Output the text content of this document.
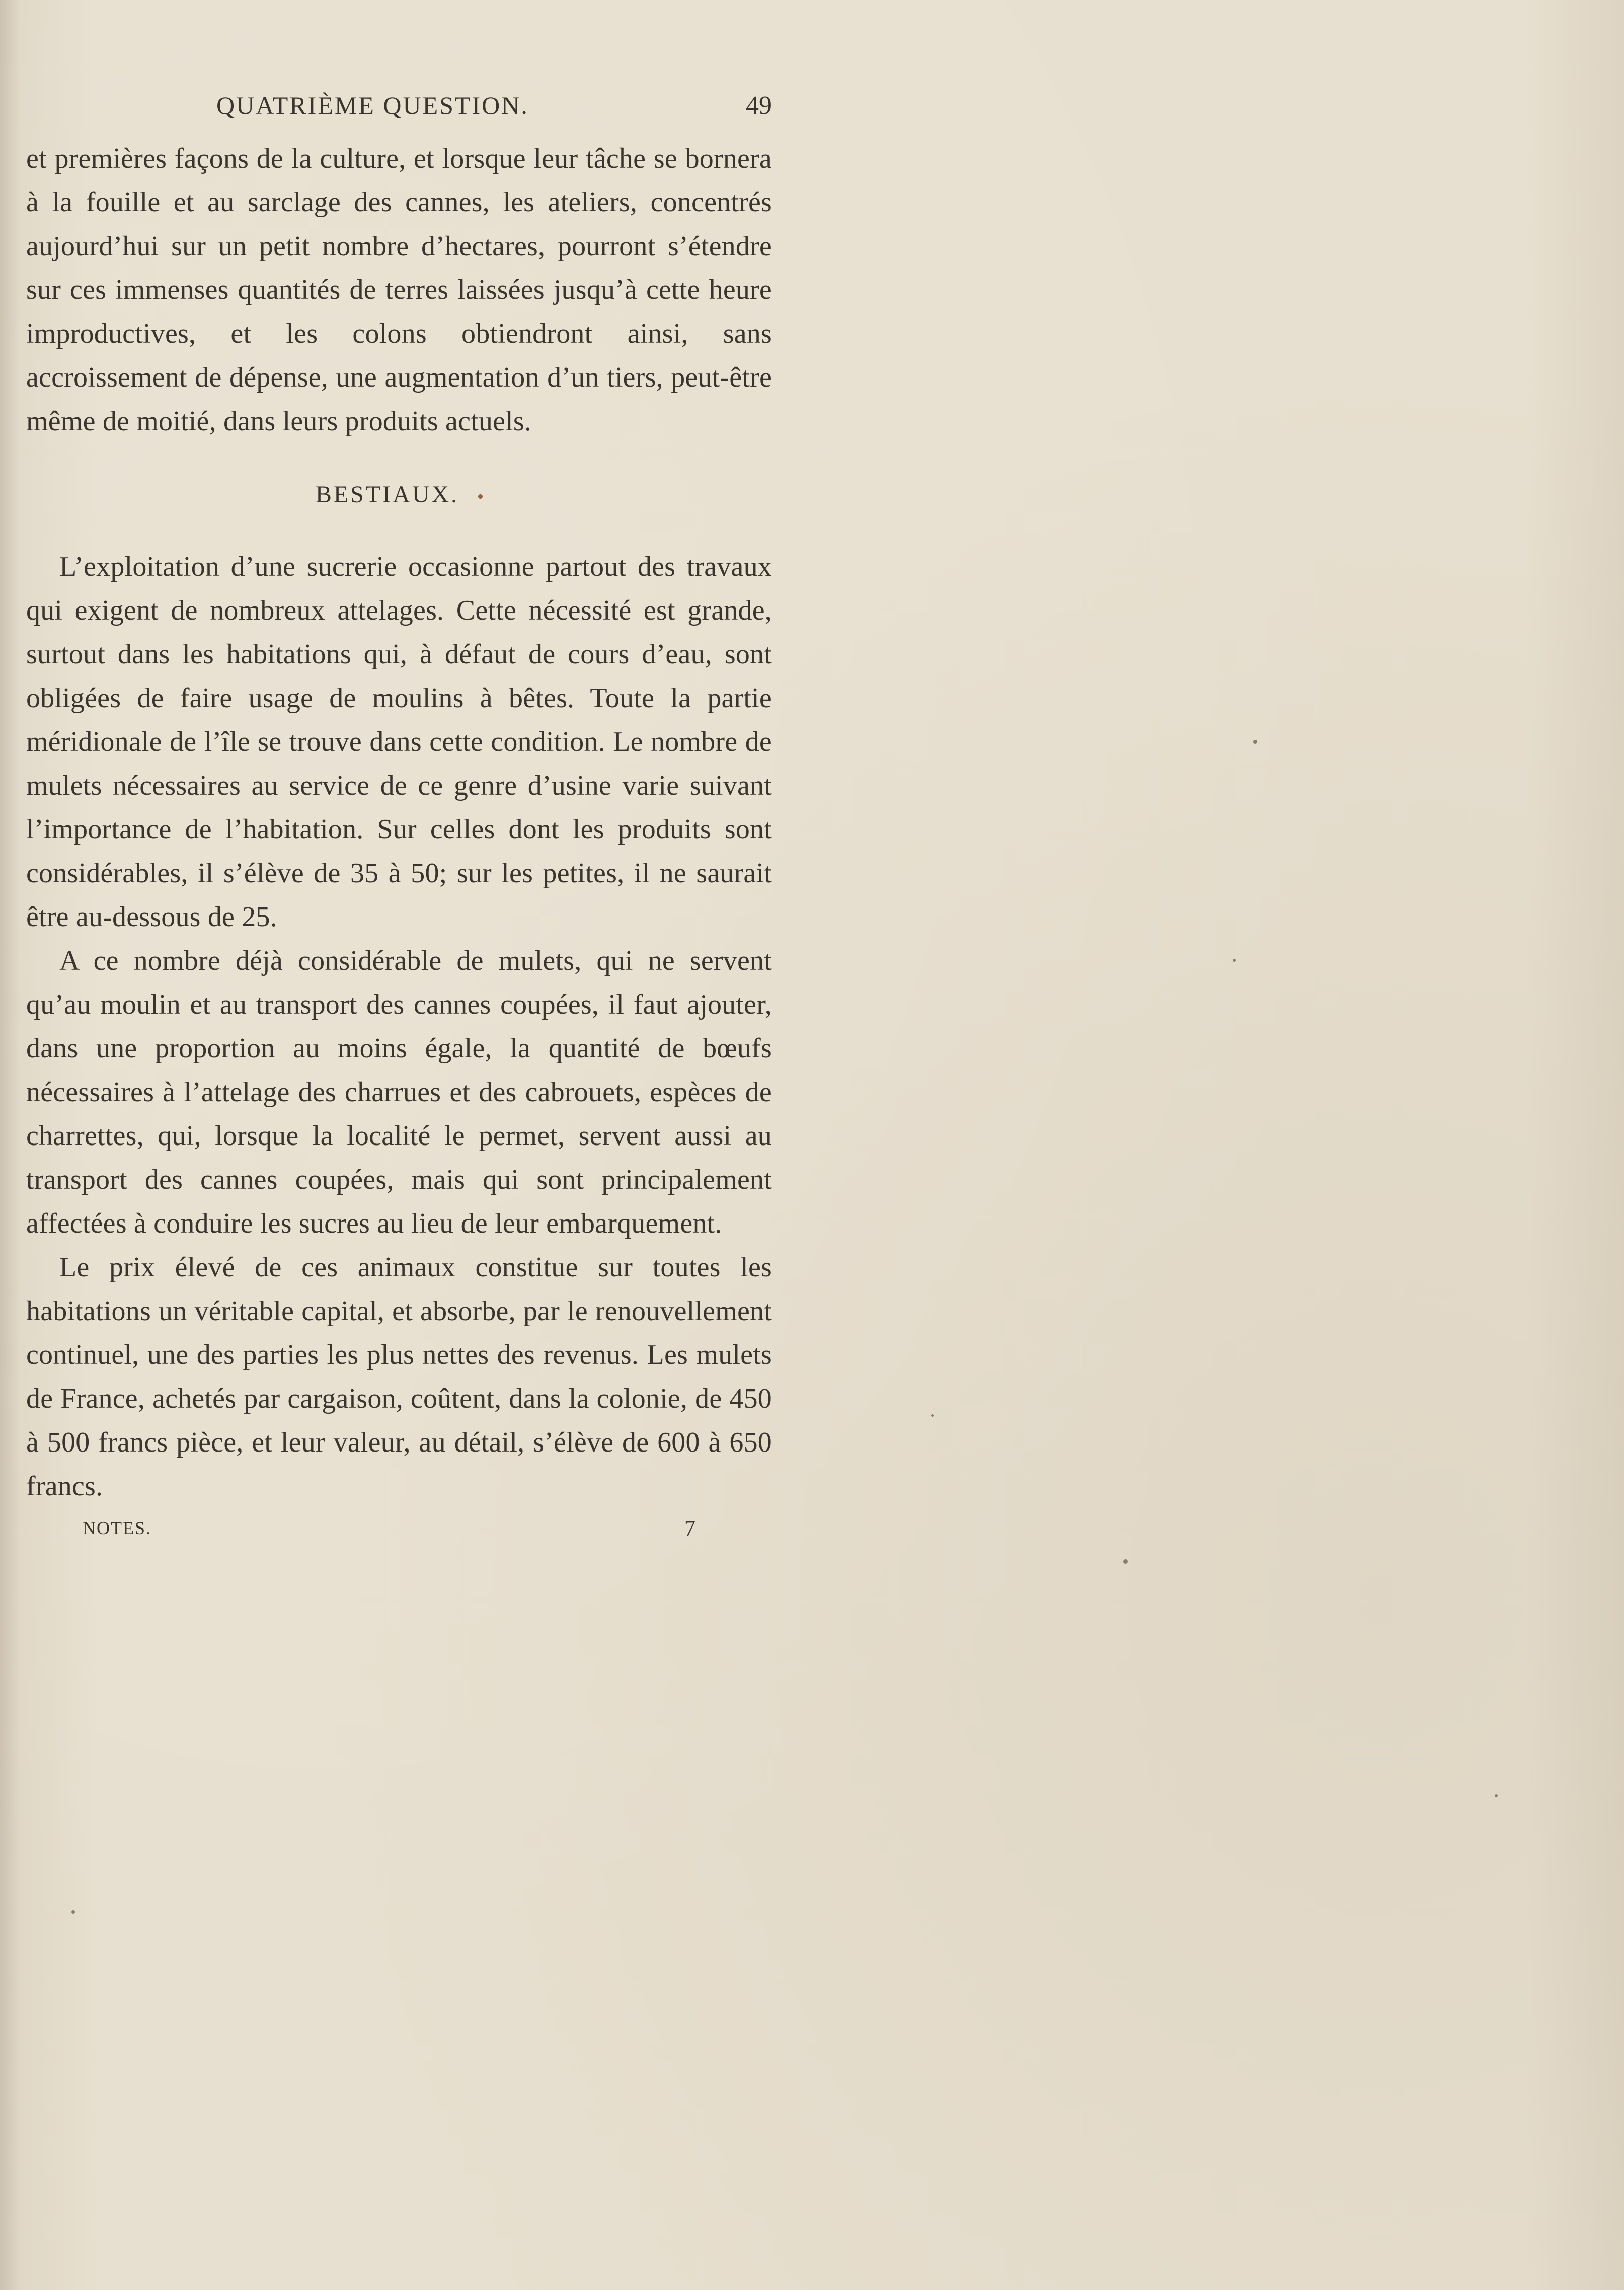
QUATRIÈME QUESTION.	49

et premières façons de la culture, et lorsque leur tâche se bornera à la fouille et au sarclage des cannes, les ateliers, concentrés aujourd’hui sur un petit nombre d’hectares, pourront s’étendre sur ces immenses quantités de terres laissées jusqu’à cette heure improductives, et les colons obtiendront ainsi, sans accroissement de dépense, une augmentation d’un tiers, peut-être même de moitié, dans leurs produits actuels.

BESTIAUX.

L’exploitation d’une sucrerie occasionne partout des travaux qui exigent de nombreux attelages. Cette nécessité est grande, surtout dans les habitations qui, à défaut de cours d’eau, sont obligées de faire usage de moulins à bêtes. Toute la partie méridionale de l’île se trouve dans cette condition. Le nombre de mulets nécessaires au service de ce genre d’usine varie suivant l’importance de l’habitation. Sur celles dont les produits sont considérables, il s’élève de 35 à 50; sur les petites, il ne saurait être au-dessous de 25.

A ce nombre déjà considérable de mulets, qui ne servent qu’au moulin et au transport des cannes coupées, il faut ajouter, dans une proportion au moins égale, la quantité de bœufs nécessaires à l’attelage des charrues et des cabrouets, espèces de charrettes, qui, lorsque la localité le permet, servent aussi au transport des cannes coupées, mais qui sont principalement affectées à conduire les sucres au lieu de leur embarquement.

Le prix élevé de ces animaux constitue sur toutes les habitations un véritable capital, et absorbe, par le renouvellement continuel, une des parties les plus nettes des revenus. Les mulets de France, achetés par cargaison, coûtent, dans la colonie, de 450 à 500 francs pièce, et leur valeur, au détail, s’élève de 600 à 650 francs.

NOTES.	7
